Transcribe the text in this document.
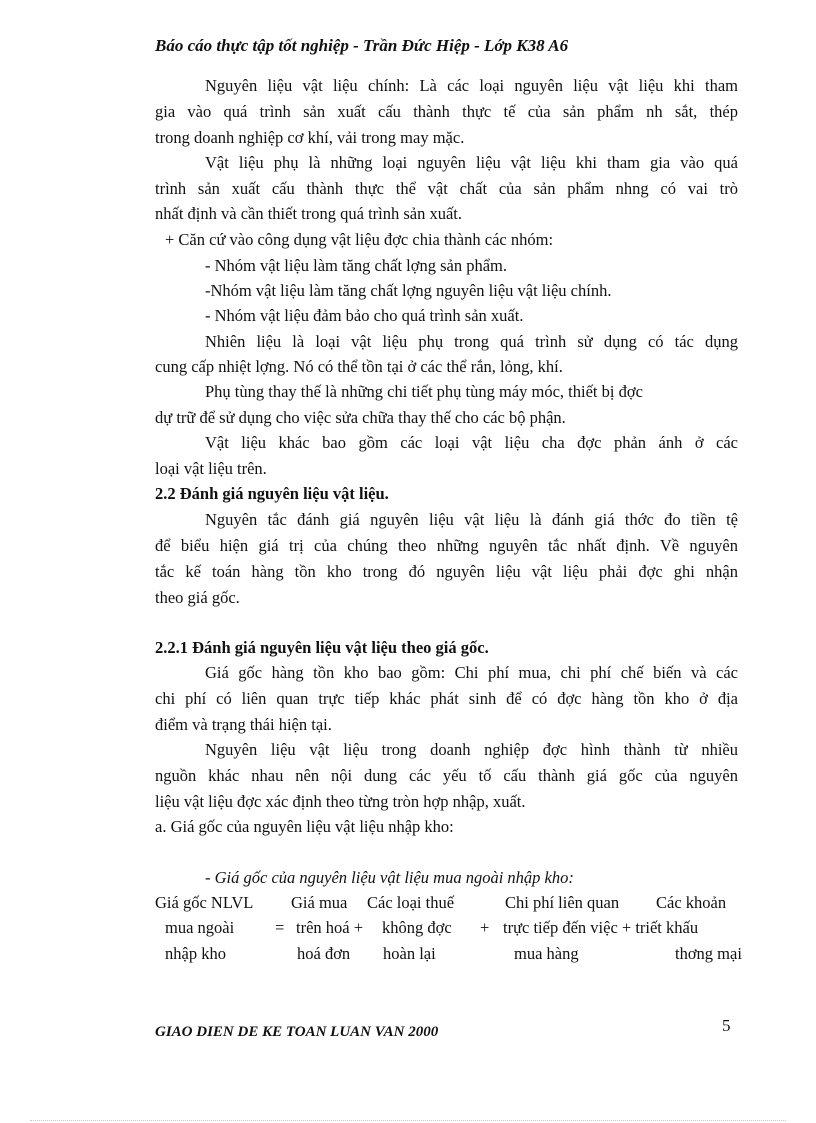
Báo cáo thực tập tốt nghiệp - Trần Đức Hiệp - Lớp K38 A6
Nguyên liệu vật liệu chính: Là các loại nguyên liệu vật liệu khi tham
gia vào quá trình sản xuất cấu thành thực tế của sản phẩm nh sắt, thép
trong doanh nghiệp cơ khí, vải trong may mặc.
Vật liệu phụ là những loại nguyên liệu vật liệu khi tham gia vào quá
trình sản xuất cấu thành thực thể vật chất của sản phẩm nhng có vai trò
nhất định và cần thiết trong quá trình sản xuất.
+ Căn cứ vào công dụng vật liệu đợc chia thành các nhóm:
- Nhóm vật liệu làm tăng chất lợng sản phẩm.
-Nhóm vật liệu làm tăng chất lợng nguyên liệu vật liệu chính.
- Nhóm vật liệu đảm bảo cho quá trình sản xuất.
Nhiên liệu là loại vật liệu phụ trong quá trình sử dụng có tác dụng
cung cấp nhiệt lợng. Nó có thể tồn tại ở các thể rắn, lỏng, khí.
Phụ tùng thay thế là những chi tiết phụ tùng máy móc, thiết bị đợc
dự trữ để sử dụng cho việc sửa chữa thay thế cho các bộ phận.
Vật liệu khác bao gồm các loại vật liệu cha đợc phản ánh ở các
loại vật liệu trên.
2.2 Đánh giá nguyên liệu vật liệu.
Nguyên tắc đánh giá nguyên liệu vật liệu là đánh giá thớc đo tiền tệ
để biểu hiện giá trị của chúng theo những nguyên tắc nhất định. Về nguyên
tắc kế toán hàng tồn kho trong đó nguyên liệu vật liệu phải đợc ghi nhận
theo giá gốc.
2.2.1 Đánh giá nguyên liệu vật liệu theo giá gốc.
Giá gốc hàng tồn kho bao gồm: Chi phí mua, chi phí chế biến và các
chi phí có liên quan trực tiếp khác phát sinh để có đợc hàng tồn kho ở địa
điểm và trạng thái hiện tại.
Nguyên liệu vật liệu trong doanh nghiệp đợc hình thành từ nhiều
nguồn khác nhau nên nội dung các yếu tố cấu thành giá gốc của nguyên
liệu vật liệu đợc xác định theo từng tròn hợp nhập, xuất.
a. Giá gốc của nguyên liệu vật liệu nhập kho:
- Giá gốc của nguyên liệu vật liệu mua ngoài nhập kho:
Giá gốc NLVL Giá mua Các loại thuế	Chi phí liên quan Các khoản
mua ngoài = trên hoá + không đợc + trực tiếp đến việc + triết khấu
nhập kho	hoá đơn hoàn lại	mua hàng	thơng mại
GIAO DIEN DE KE TOAN LUAN VAN 2000	5
